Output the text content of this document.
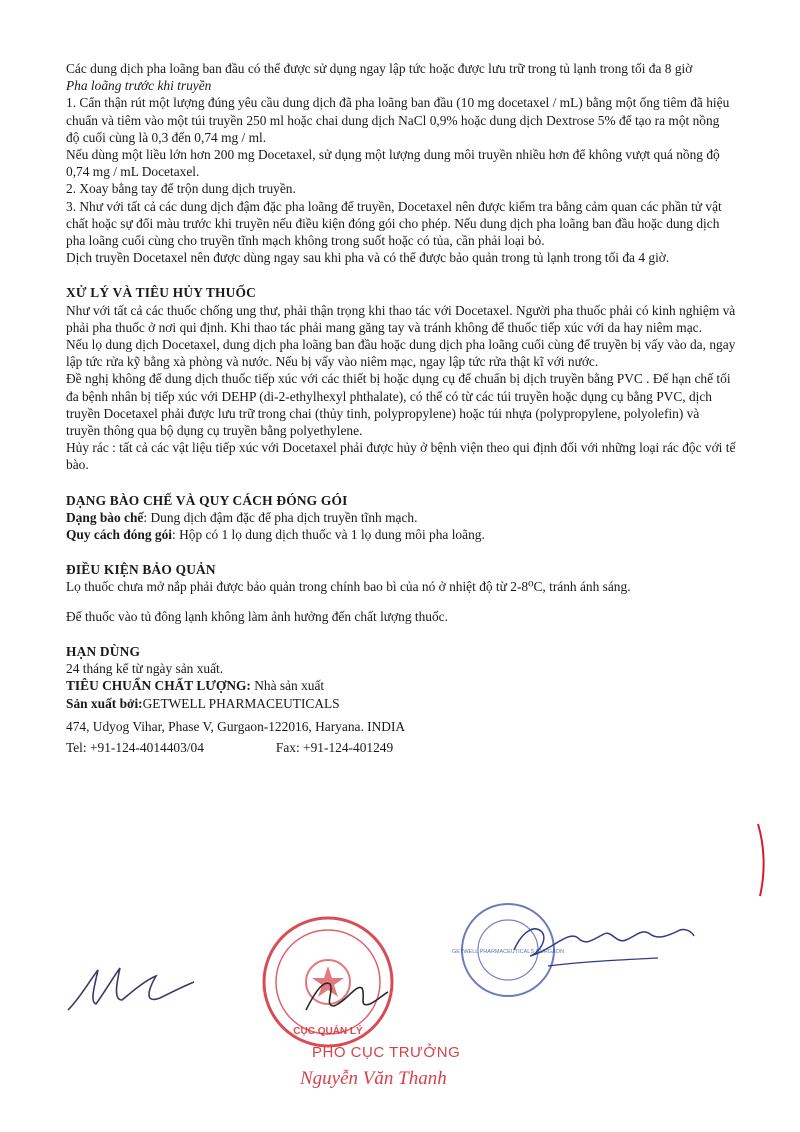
Các dung dịch pha loãng ban đầu có thể được sử dụng ngay lập tức hoặc được lưu trữ trong tủ lạnh trong tối đa 8 giờ

Pha loãng trước khi truyền

1. Cẩn thận rút một lượng đúng yêu cầu dung dịch đã pha loãng ban đầu (10 mg docetaxel / mL) bằng một ống tiêm đã hiệu chuẩn và tiêm vào một túi truyền 250 ml hoặc chai dung dịch NaCl 0,9% hoặc dung dịch Dextrose 5% để tạo ra một nồng độ cuối cùng là 0,3 đến 0,74 mg / ml.

Nếu dùng một liều lớn hơn 200 mg Docetaxel, sử dụng một lượng dung môi truyền nhiều hơn để không vượt quá nồng độ 0,74 mg / mL Docetaxel.

2. Xoay bằng tay để trộn dung dịch truyền.

3. Như với tất cả các dung dịch đậm đặc pha loãng để truyền, Docetaxel nên được kiểm tra bằng cảm quan các phần tử vật chất hoặc sự đổi màu trước khi truyền nếu điều kiện đóng gói cho phép. Nếu dung dịch pha loãng ban đầu hoặc dung dịch pha loãng cuối cùng cho truyền tĩnh mạch không trong suốt hoặc có tủa, cần phải loại bỏ.

Dịch truyền Docetaxel nên được dùng ngay sau khi pha và có thể được bảo quản trong tủ lạnh trong tối đa 4 giờ.

XỬ LÝ VÀ TIÊU HỦY THUỐC

Như với tất cả các thuốc chống ung thư, phải thận trọng khi thao tác với Docetaxel. Người pha thuốc phải có kinh nghiệm và phải pha thuốc ở nơi qui định. Khi thao tác phải mang găng tay và tránh không để thuốc tiếp xúc với da hay niêm mạc.

Nếu lọ dung dịch Docetaxel, dung dịch pha loãng ban đầu hoặc dung dịch pha loãng cuối cùng để truyền bị vấy vào da, ngay lập tức rửa kỹ bằng xà phòng và nước. Nếu bị vấy vào niêm mạc, ngay lập tức rửa thật kĩ với nước.

Đề nghị không để dung dịch thuốc tiếp xúc với các thiết bị hoặc dụng cụ để chuẩn bị dịch truyền bằng PVC . Để hạn chế tối đa bệnh nhân bị tiếp xúc với DEHP (di-2-ethylhexyl phthalate), có thể có từ các túi truyền hoặc dụng cụ bằng PVC, dịch truyền Docetaxel phải được lưu trữ trong chai (thủy tinh, polypropylene) hoặc túi nhựa (polypropylene, polyolefin) và truyền thông qua bộ dụng cụ truyền bằng polyethylene.

Hủy rác : tất cả các vật liệu tiếp xúc với Docetaxel phải được hủy ở bệnh viện theo qui định đối với những loại rác độc với tế bào.

DẠNG BÀO CHẾ VÀ QUY CÁCH ĐÓNG GÓI

Dạng bào chế: Dung dịch đậm đặc để pha dịch truyền tĩnh mạch.

Quy cách đóng gói: Hộp có 1 lọ dung dịch thuốc và 1 lọ dung môi pha loãng.

ĐIỀU KIỆN BẢO QUẢN

Lọ thuốc chưa mở nắp phải được bảo quản trong chính bao bì của nó ở nhiệt độ từ 2-8⁰C, tránh ánh sáng.

Để thuốc vào tủ đông lạnh không làm ảnh hưởng đến chất lượng thuốc.

HẠN DÙNG

24 tháng kể từ ngày sản xuất.

TIÊU CHUẨN CHẤT LƯỢNG: Nhà sản xuất

Sản xuất bởi:GETWELL PHARMACEUTICALS

474, Udyog Vihar, Phase V, Gurgaon-122016, Haryana. INDIA

Tel: +91-124-4014403/04	Fax: +91-124-401249

CỤC QUẢN LÝ
GETWELL PHARMACEUTICALS GURGAON
PHÓ CỤC TRƯỞNG
Nguyễn Văn Thanh
